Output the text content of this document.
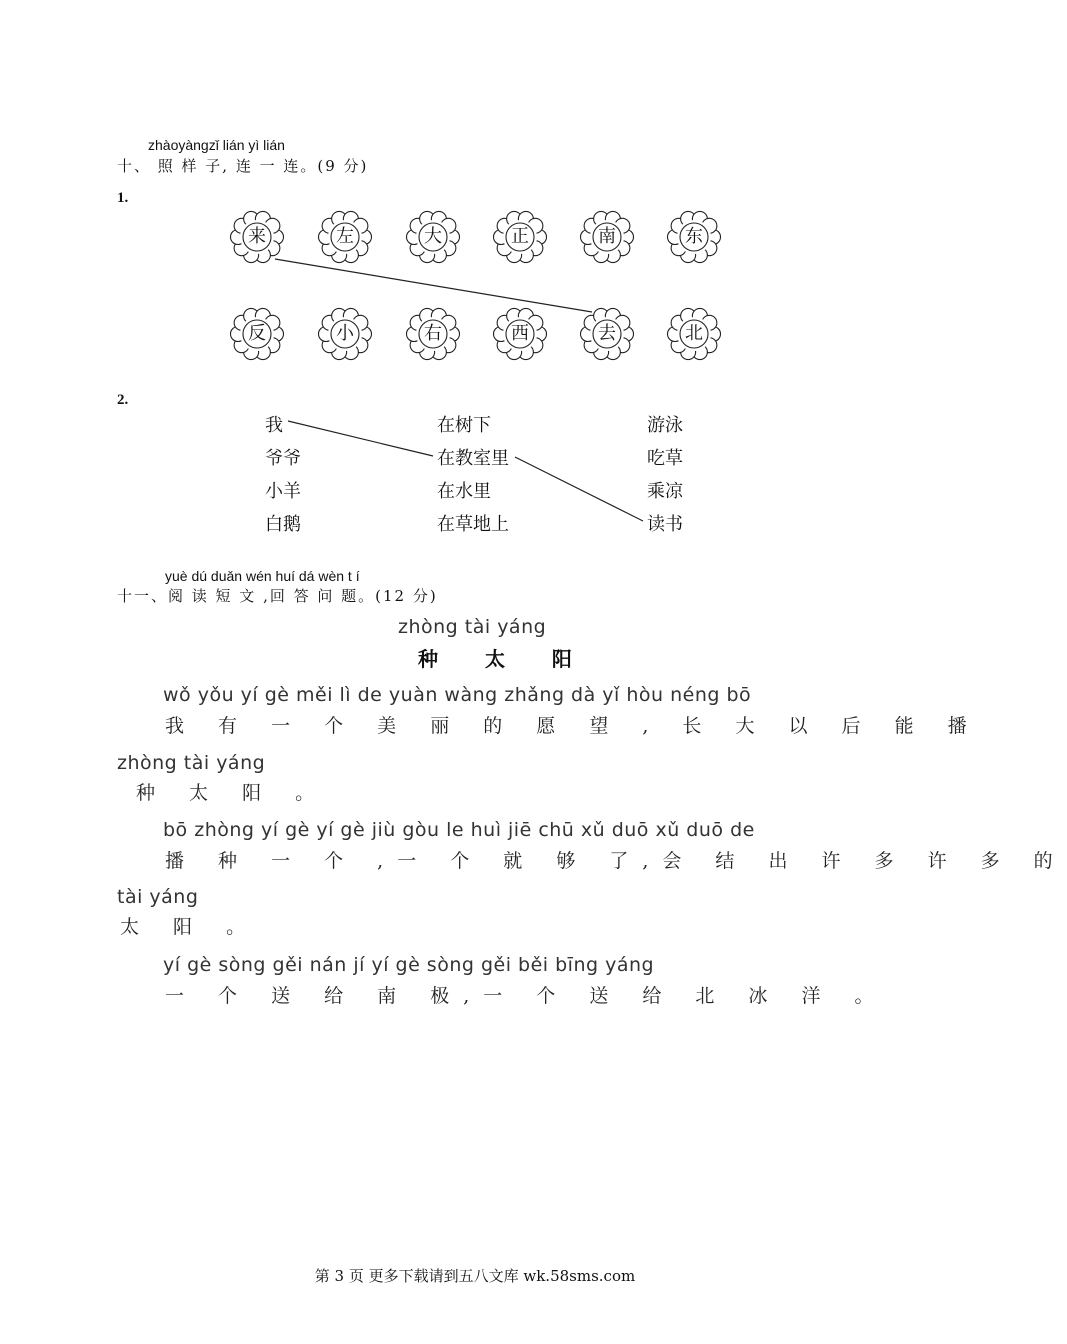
zhàoyàngzǐ lián yì lián
十、 照 样 子, 连 一 连。(9 分)
1.
来	左	大	正	南	东
反	小	右	西	去	北
2.
我
爷爷
小羊
白鹅
在树下
在教室里
在水里
在草地上
游泳
吃草
乘凉
读书
yuè dú duǎn wén huí dá wèn t í
十一、阅 读 短 文 ,回 答 问 题。(12 分)
zhòng tài yáng
种 太 阳
wǒ yǒu yí gè měi lì de yuàn wàng zhǎng dà yǐ hòu néng bō
我 有 一 个 美 丽 的 愿 望 , 长 大 以 后 能 播
zhòng tài yáng
种 太 阳 。
bō zhòng yí gè yí gè jiù gòu le huì jiē chū xǔ duō xǔ duō de
播 种 一 个 ,一 个 就 够 了,会 结 出 许 多 许 多 的
tài yáng
太 阳 。
yí gè sòng gěi nán jí yí gè sòng gěi běi bīng yáng
一 个 送 给 南 极,一 个 送 给 北 冰 洋 。
第 3 页 更多下载请到五八文库 wk.58sms.com
